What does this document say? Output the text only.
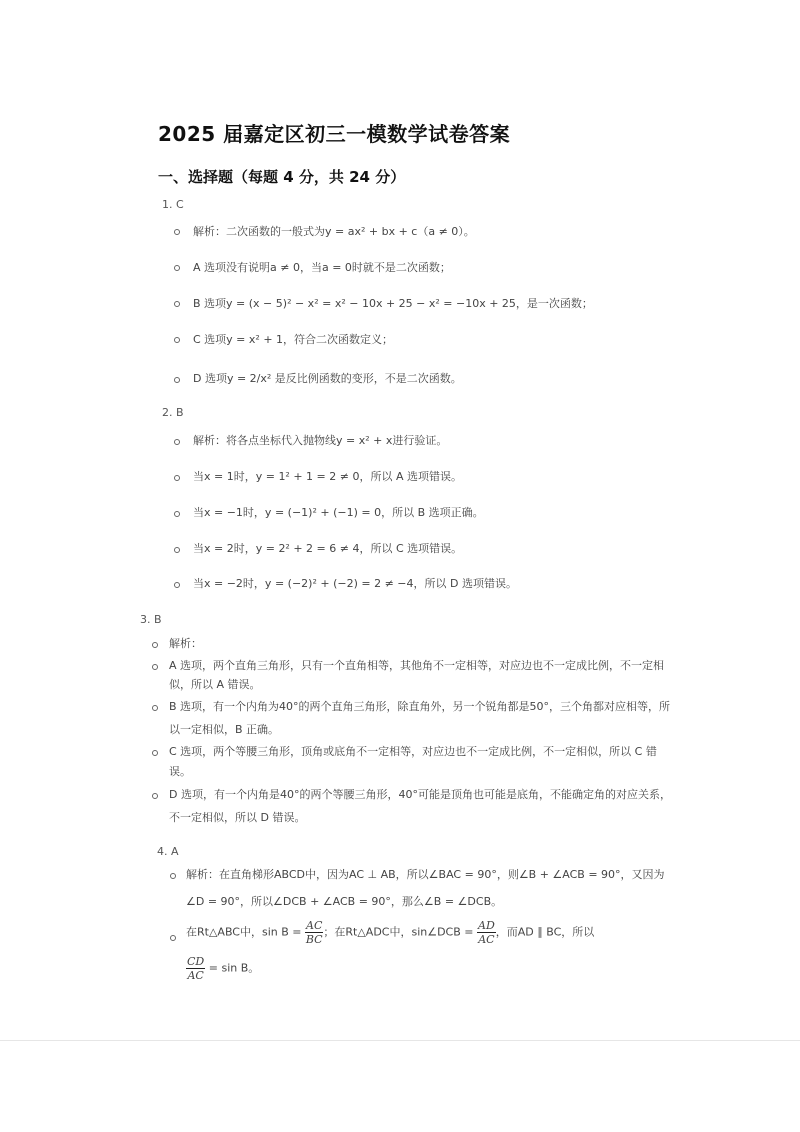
2025 届嘉定区初三一模数学试卷答案
一、选择题（每题 4 分，共 24 分）
1. C
解析：二次函数的一般式为y = ax² + bx + c（a ≠ 0）。
A 选项没有说明a ≠ 0，当a = 0时就不是二次函数；
B 选项y = (x − 5)² − x² = x² − 10x + 25 − x² = −10x + 25，是一次函数；
C 选项y = x² + 1，符合二次函数定义；
D 选项y = 2/x² 是反比例函数的变形，不是二次函数。
2. B
解析：将各点坐标代入抛物线y = x² + x进行验证。
当x = 1时，y = 1² + 1 = 2 ≠ 0，所以 A 选项错误。
当x = −1时，y = (−1)² + (−1) = 0，所以 B 选项正确。
当x = 2时，y = 2² + 2 = 6 ≠ 4，所以 C 选项错误。
当x = −2时，y = (−2)² + (−2) = 2 ≠ −4，所以 D 选项错误。
3. B
解析：
A 选项，两个直角三角形，只有一个直角相等，其他角不一定相等，对应边也不一定成比例，不一定相
似，所以 A 错误。
B 选项，有一个内角为40°的两个直角三角形，除直角外，另一个锐角都是50°，三个角都对应相等，所
以一定相似，B 正确。
C 选项，两个等腰三角形，顶角或底角不一定相等，对应边也不一定成比例，不一定相似，所以 C 错
误。
D 选项，有一个内角是40°的两个等腰三角形，40°可能是顶角也可能是底角，不能确定角的对应关系，
不一定相似，所以 D 错误。
4. A
解析：在直角梯形ABCD中，因为AC ⊥ AB，所以∠BAC = 90°，则∠B + ∠ACB = 90°，又因为
∠D = 90°，所以∠DCB + ∠ACB = 90°，那么∠B = ∠DCB。
在Rt△ABC中，$\sin B = \frac{AC}{BC}$ ；在Rt△ADC中，sin∠DCB = $\frac{AD}{AC}$ ，而AD ∥ BC，所以
$\frac{CD}{AC} = \sin B$。
